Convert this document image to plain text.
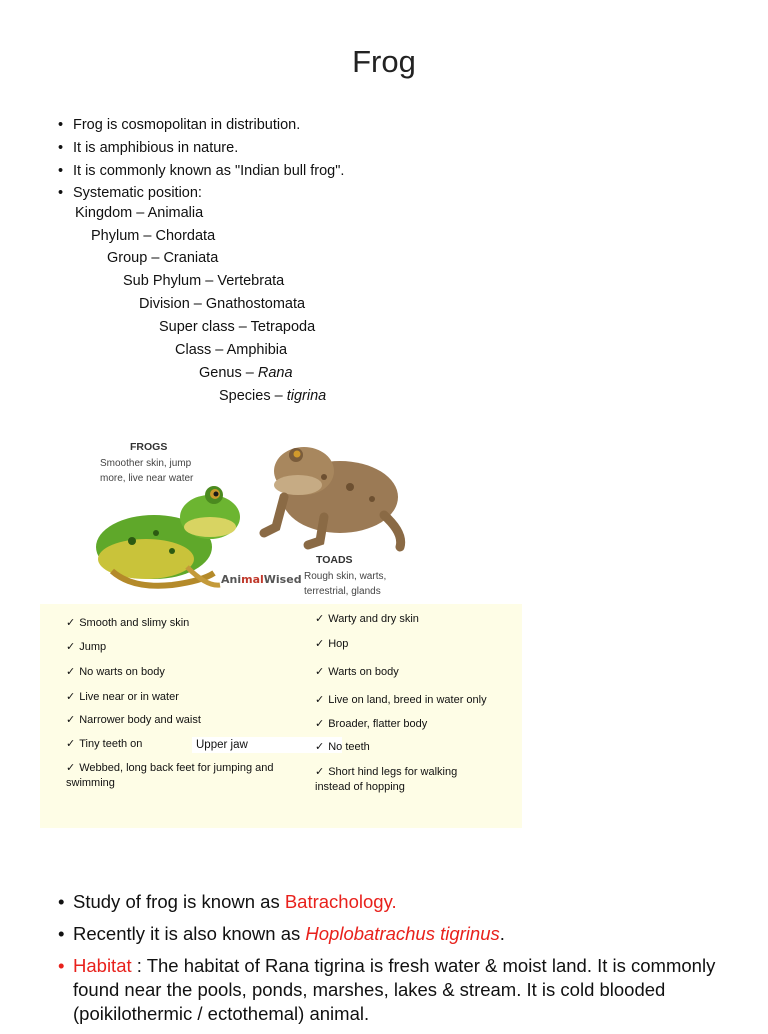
Frog
• Frog is cosmopolitan in distribution.
• It is amphibious in nature.
• It is commonly known as "Indian bull frog".
• Systematic position:
Kingdom – Animalia
Phylum – Chordata
Group – Craniata
Sub Phylum – Vertebrata
Division – Gnathostomata
Super class – Tetrapoda
Class – Amphibia
Genus – Rana
Species – tigrina
FROGS
Smoother skin, jump
more, live near water
AnimalWised
TOADS
Rough skin, warts,
terrestrial, glands
✓ Smooth and slimy skin
✓ Jump
✓ No warts on body
✓ Live near or in water
✓ Narrower body and waist
✓ Tiny teeth on	Upper jaw
✓ Webbed, long back feet for jumping and
swimming
✓ Warty and dry skin
✓ Hop
✓ Warts on body
✓ Live on land, breed in water only
✓ Broader, flatter body
✓ No teeth
✓ Short hind legs for walking
instead of hopping
• Study of frog is known as Batrachology.
• Recently it is also known as Hoplobatrachus tigrinus.
• Habitat : The habitat of Rana tigrina is fresh water & moist land. It is commonly found near the pools, ponds, marshes, lakes & stream. It is cold blooded (poikilothermic / ectothemal) animal.
